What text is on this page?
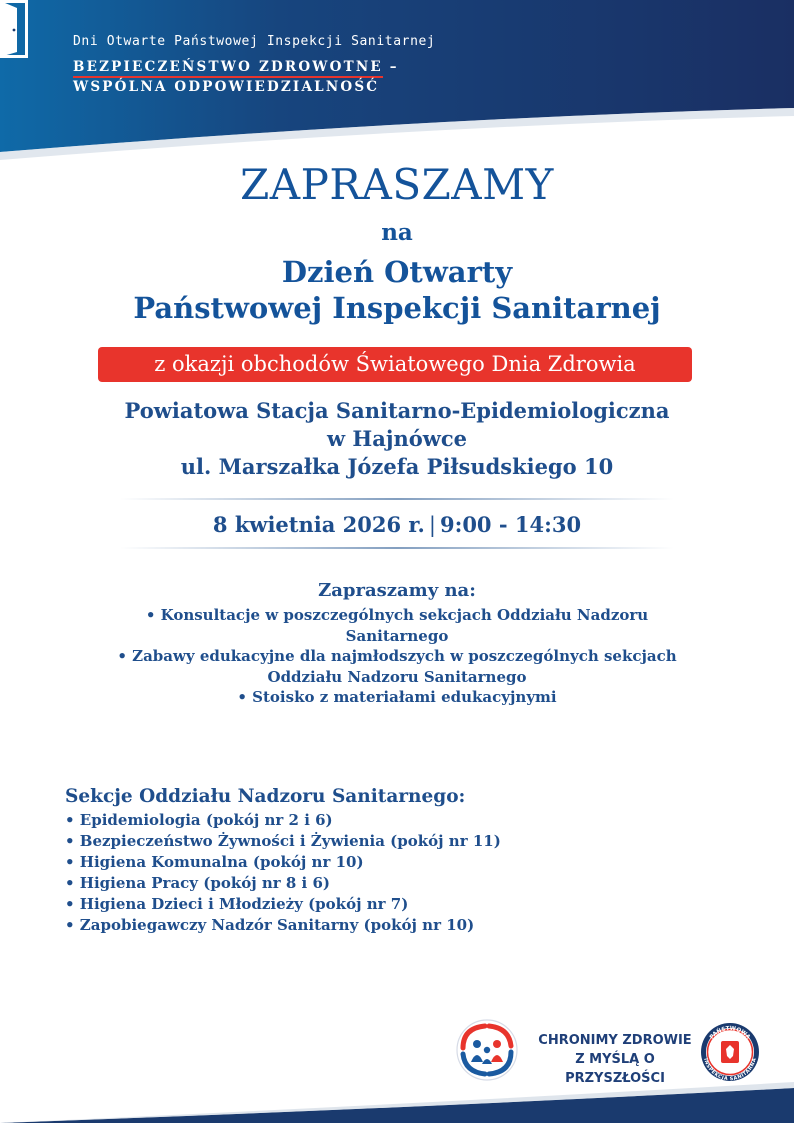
Dni Otwarte Państwowej Inspekcji Sanitarnej
BEZPIECZEŃSTWO ZDROWOTNE –
WSPÓLNA ODPOWIEDZIALNOŚĆ
ZAPRASZAMY
na
Dzień Otwarty
Państwowej Inspekcji Sanitarnej
z okazji obchodów Światowego Dnia Zdrowia
Powiatowa Stacja Sanitarno-Epidemiologiczna
w Hajnówce
ul. Marszałka Józefa Piłsudskiego 10
8 kwietnia 2026 r. | 9:00 - 14:30
Zapraszamy na:
• Konsultacje w poszczególnych sekcjach Oddziału Nadzoru
Sanitarnego
• Zabawy edukacyjne dla najmłodszych w poszczególnych sekcjach
Oddziału Nadzoru Sanitarnego
• Stoisko z materiałami edukacyjnymi
Sekcje Oddziału Nadzoru Sanitarnego:
• Epidemiologia (pokój nr 2 i 6)
• Bezpieczeństwo Żywności i Żywienia (pokój nr 11)
• Higiena Komunalna (pokój nr 10)
• Higiena Pracy (pokój nr 8 i 6)
• Higiena Dzieci i Młodzieży (pokój nr 7)
• Zapobiegawczy Nadzór Sanitarny (pokój nr 10)
CHRONIMY ZDROWIE
Z MYŚLĄ O PRZYSZŁOŚCI
PAŃSTWOWA
INSPEKCJA SANITARNA
